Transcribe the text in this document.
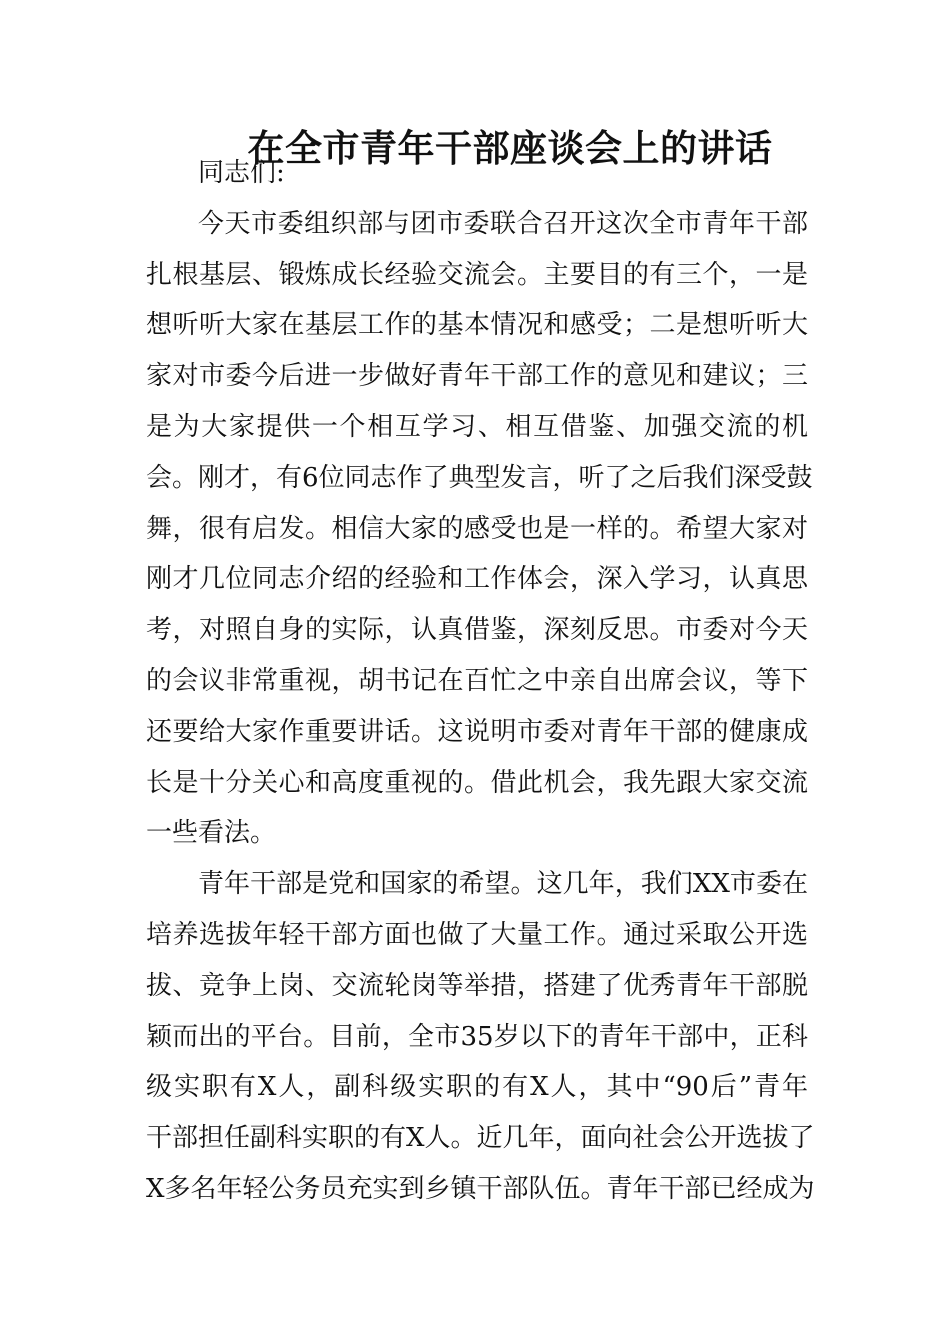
在全市青年干部座谈会上的讲话
同志们:
今天市委组织部与团市委联合召开这次全市青年干部
扎根基层、锻炼成长经验交流会。主要目的有三个，一是
想听听大家在基层工作的基本情况和感受；二是想听听大
家对市委今后进一步做好青年干部工作的意见和建议；三
是为大家提供一个相互学习、相互借鉴、加强交流的机
会。刚才，有6位同志作了典型发言，听了之后我们深受鼓
舞，很有启发。相信大家的感受也是一样的。希望大家对
刚才几位同志介绍的经验和工作体会，深入学习，认真思
考，对照自身的实际，认真借鉴，深刻反思。市委对今天
的会议非常重视，胡书记在百忙之中亲自出席会议，等下
还要给大家作重要讲话。这说明市委对青年干部的健康成
长是十分关心和高度重视的。借此机会，我先跟大家交流
一些看法。
青年干部是党和国家的希望。这几年，我们XX市委在
培养选拔年轻干部方面也做了大量工作。通过采取公开选
拔、竞争上岗、交流轮岗等举措，搭建了优秀青年干部脱
颖而出的平台。目前，全市35岁以下的青年干部中，正科
级实职有X人，副科级实职的有X人，其中“90后”青年
干部担任副科实职的有X人。近几年，面向社会公开选拔了
X多名年轻公务员充实到乡镇干部队伍。青年干部已经成为
